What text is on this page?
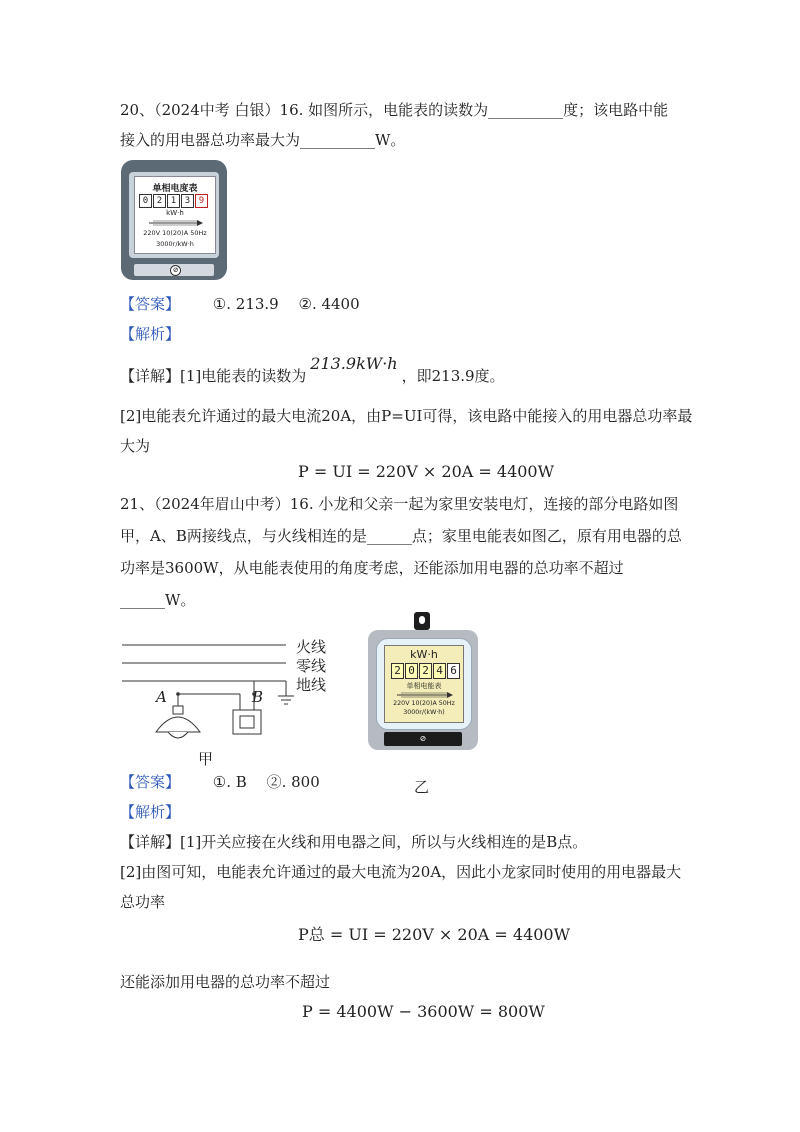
20、（2024中考 白银）16. 如图所示，电能表的读数为__________度；该电路中能
接入的用电器总功率最大为__________W。
单相电度表
0 2 1 3 9
kW·h
220V 10(20)A 50Hz
3000r/kW·h
⊘
【答案】 ①. 213.9　 ②. 4400
【解析】
【详解】[1]电能表的读数为213.9kW·h，即213.9度。
[2]电能表允许通过的最大电流20A，由P=UI可得，该电路中能接入的用电器总功率最
大为
P = UI = 220V × 20A = 4400W
21、（2024年眉山中考）16. 小龙和父亲一起为家里安装电灯，连接的部分电路如图
甲，A、B两接线点，与火线相连的是______点；家里电能表如图乙，原有用电器的总
功率是3600W，从电能表使用的角度考虑，还能添加用电器的总功率不超过
______W。
火线
零线
地线
A	B
甲
kW·h
2 0 2 4 6
单相电能表
220V 10(20)A 50Hz
3000r/(kW·h)
⊘
乙
【答案】 ①. B　 ②. 800
【解析】
【详解】[1]开关应接在火线和用电器之间，所以与火线相连的是B点。
[2]由图可知，电能表允许通过的最大电流为20A，因此小龙家同时使用的用电器最大
总功率
P总 = UI = 220V × 20A = 4400W
还能添加用电器的总功率不超过
P = 4400W − 3600W = 800W
